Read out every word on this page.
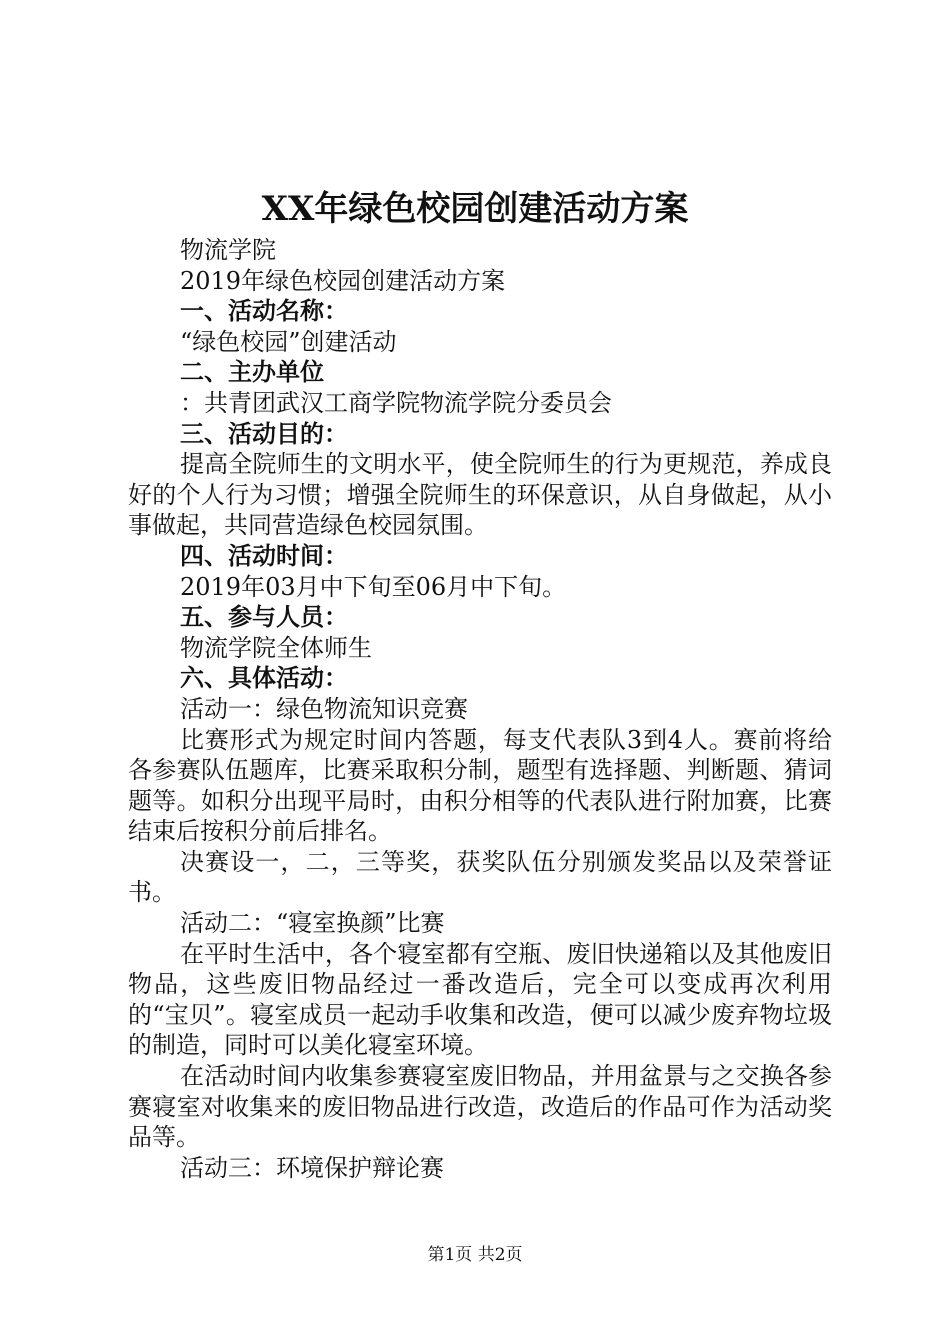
XX年绿色校园创建活动方案

物流学院

2019年绿色校园创建活动方案

一、活动名称：

“绿色校园”创建活动

二、主办单位

：共青团武汉工商学院物流学院分委员会

三、活动目的：

提高全院师生的文明水平，使全院师生的行为更规范，养成良好的个人行为习惯；增强全院师生的环保意识，从自身做起，从小事做起，共同营造绿色校园氛围。

四、活动时间：

2019年03月中下旬至06月中下旬。

五、参与人员：

物流学院全体师生

六、具体活动：

活动一：绿色物流知识竞赛

比赛形式为规定时间内答题，每支代表队3到4人。赛前将给各参赛队伍题库，比赛采取积分制，题型有选择题、判断题、猜词题等。如积分出现平局时，由积分相等的代表队进行附加赛，比赛结束后按积分前后排名。

决赛设一，二，三等奖，获奖队伍分别颁发奖品以及荣誉证书。

活动二：“寝室换颜”比赛

在平时生活中，各个寝室都有空瓶、废旧快递箱以及其他废旧物品，这些废旧物品经过一番改造后，完全可以变成再次利用的“宝贝”。寝室成员一起动手收集和改造，便可以减少废弃物垃圾的制造，同时可以美化寝室环境。

在活动时间内收集参赛寝室废旧物品，并用盆景与之交换各参赛寝室对收集来的废旧物品进行改造，改造后的作品可作为活动奖品等。

活动三：环境保护辩论赛

第1页 共2页
